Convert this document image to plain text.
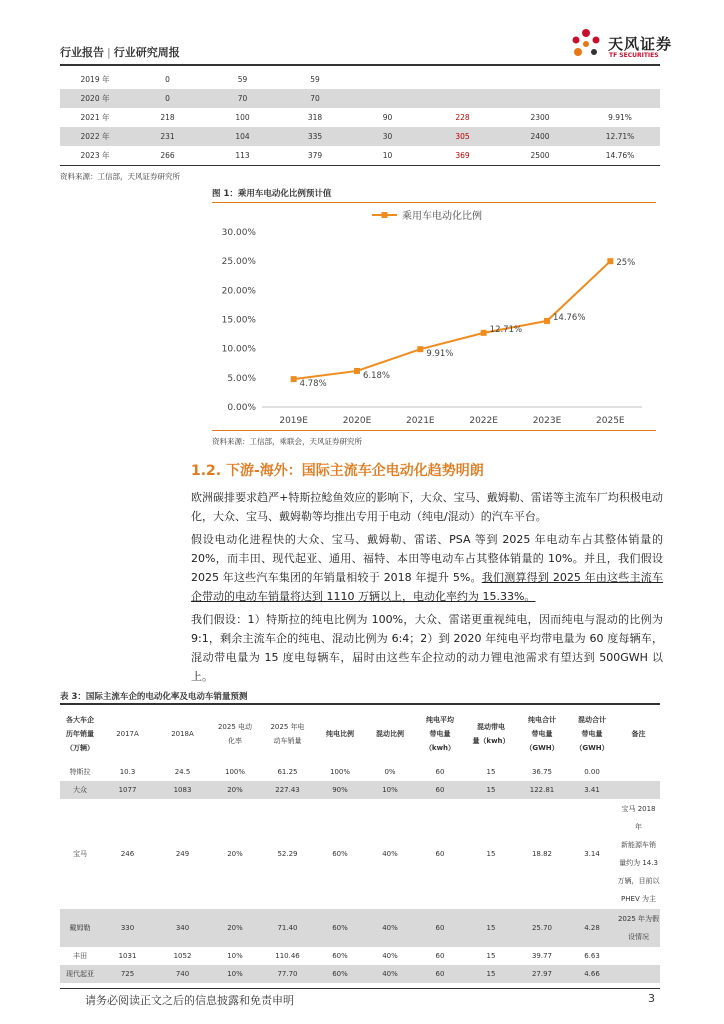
行业报告 | 行业研究周报	天风证券
TF SECURITIES
2019 年	0	59	59				
2020 年	0	70	70				
2021 年	218	100	318	90	228	2300	9.91%
2022 年	231	104	335	30	305	2400	12.71%
2023 年	266	113	379	10	369	2500	14.76%
资料来源：工信部，天风证券研究所
图 1：乘用车电动化比例预计值
0.00%
5.00%
10.00%
15.00%
20.00%
25.00%
30.00%
2019E	2020E	2021E	2022E	2023E	2025E
4.78%
6.18%
9.91%
12.71%
14.76%
25%
乘用车电动化比例
资料来源：工信部，乘联会，天风证券研究所
1.2. 下游-海外：国际主流车企电动化趋势明朗
欧洲碳排要求趋严+特斯拉鲶鱼效应的影响下，大众、宝马、戴姆勒、雷诺等主流车厂均积极电动化，大众、宝马、戴姆勒等均推出专用于电动（纯电/混动）的汽车平台。
假设电动化进程快的大众、宝马、戴姆勒、雷诺、PSA 等到 2025 年电动车占其整体销量的 20%，而丰田、现代起亚、通用、福特、本田等电动车占其整体销量的 10%。并且，我们假设 2025 年这些汽车集团的年销量相较于 2018 年提升 5%。我们测算得到 2025 年由这些主流车企带动的电动车销量将达到 1110 万辆以上，电动化率约为 15.33%。
我们假设：1）特斯拉的纯电比例为 100%，大众、雷诺更重视纯电，因而纯电与混动的比例为 9:1，剩余主流车企的纯电、混动比例为 6:4；2）到 2020 年纯电平均带电量为 60 度每辆车，混动带电量为 15 度电每辆车，届时由这些车企拉动的动力锂电池需求有望达到 500GWH 以上。
表 3：国际主流车企的电动化率及电动车销量预测
各大车企
历年销量
（万辆）	2017A	2018A	2025 电动
化率	2025 年电
动车销量	纯电比例	混动比例	纯电平均
带电量
（kwh）	混动带电
量（kwh）	纯电合计
带电量
（GWH）	混动合计
带电量
（GWH）	备注
特斯拉	10.3	24.5	100%	61.25	100%	0%	60	15	36.75	0.00	
大众	1077	1083	20%	227.43	90%	10%	60	15	122.81	3.41	
宝马	246	249	20%	52.29	60%	40%	60	15	18.82	3.14	宝马 2018 年
新能源车销
量约为 14.3
万辆，目前以
PHEV 为主

戴姆勒	330	340	20%	71.40	60%	40%	60	15	25.70	4.28	2025 年为假
设情况

丰田	1031	1052	10%	110.46	60%	40%	60	15	39.77	6.63	
现代起亚	725	740	10%	77.70	60%	40%	60	15	27.97	4.66	
请务必阅读正文之后的信息披露和免责申明	3
